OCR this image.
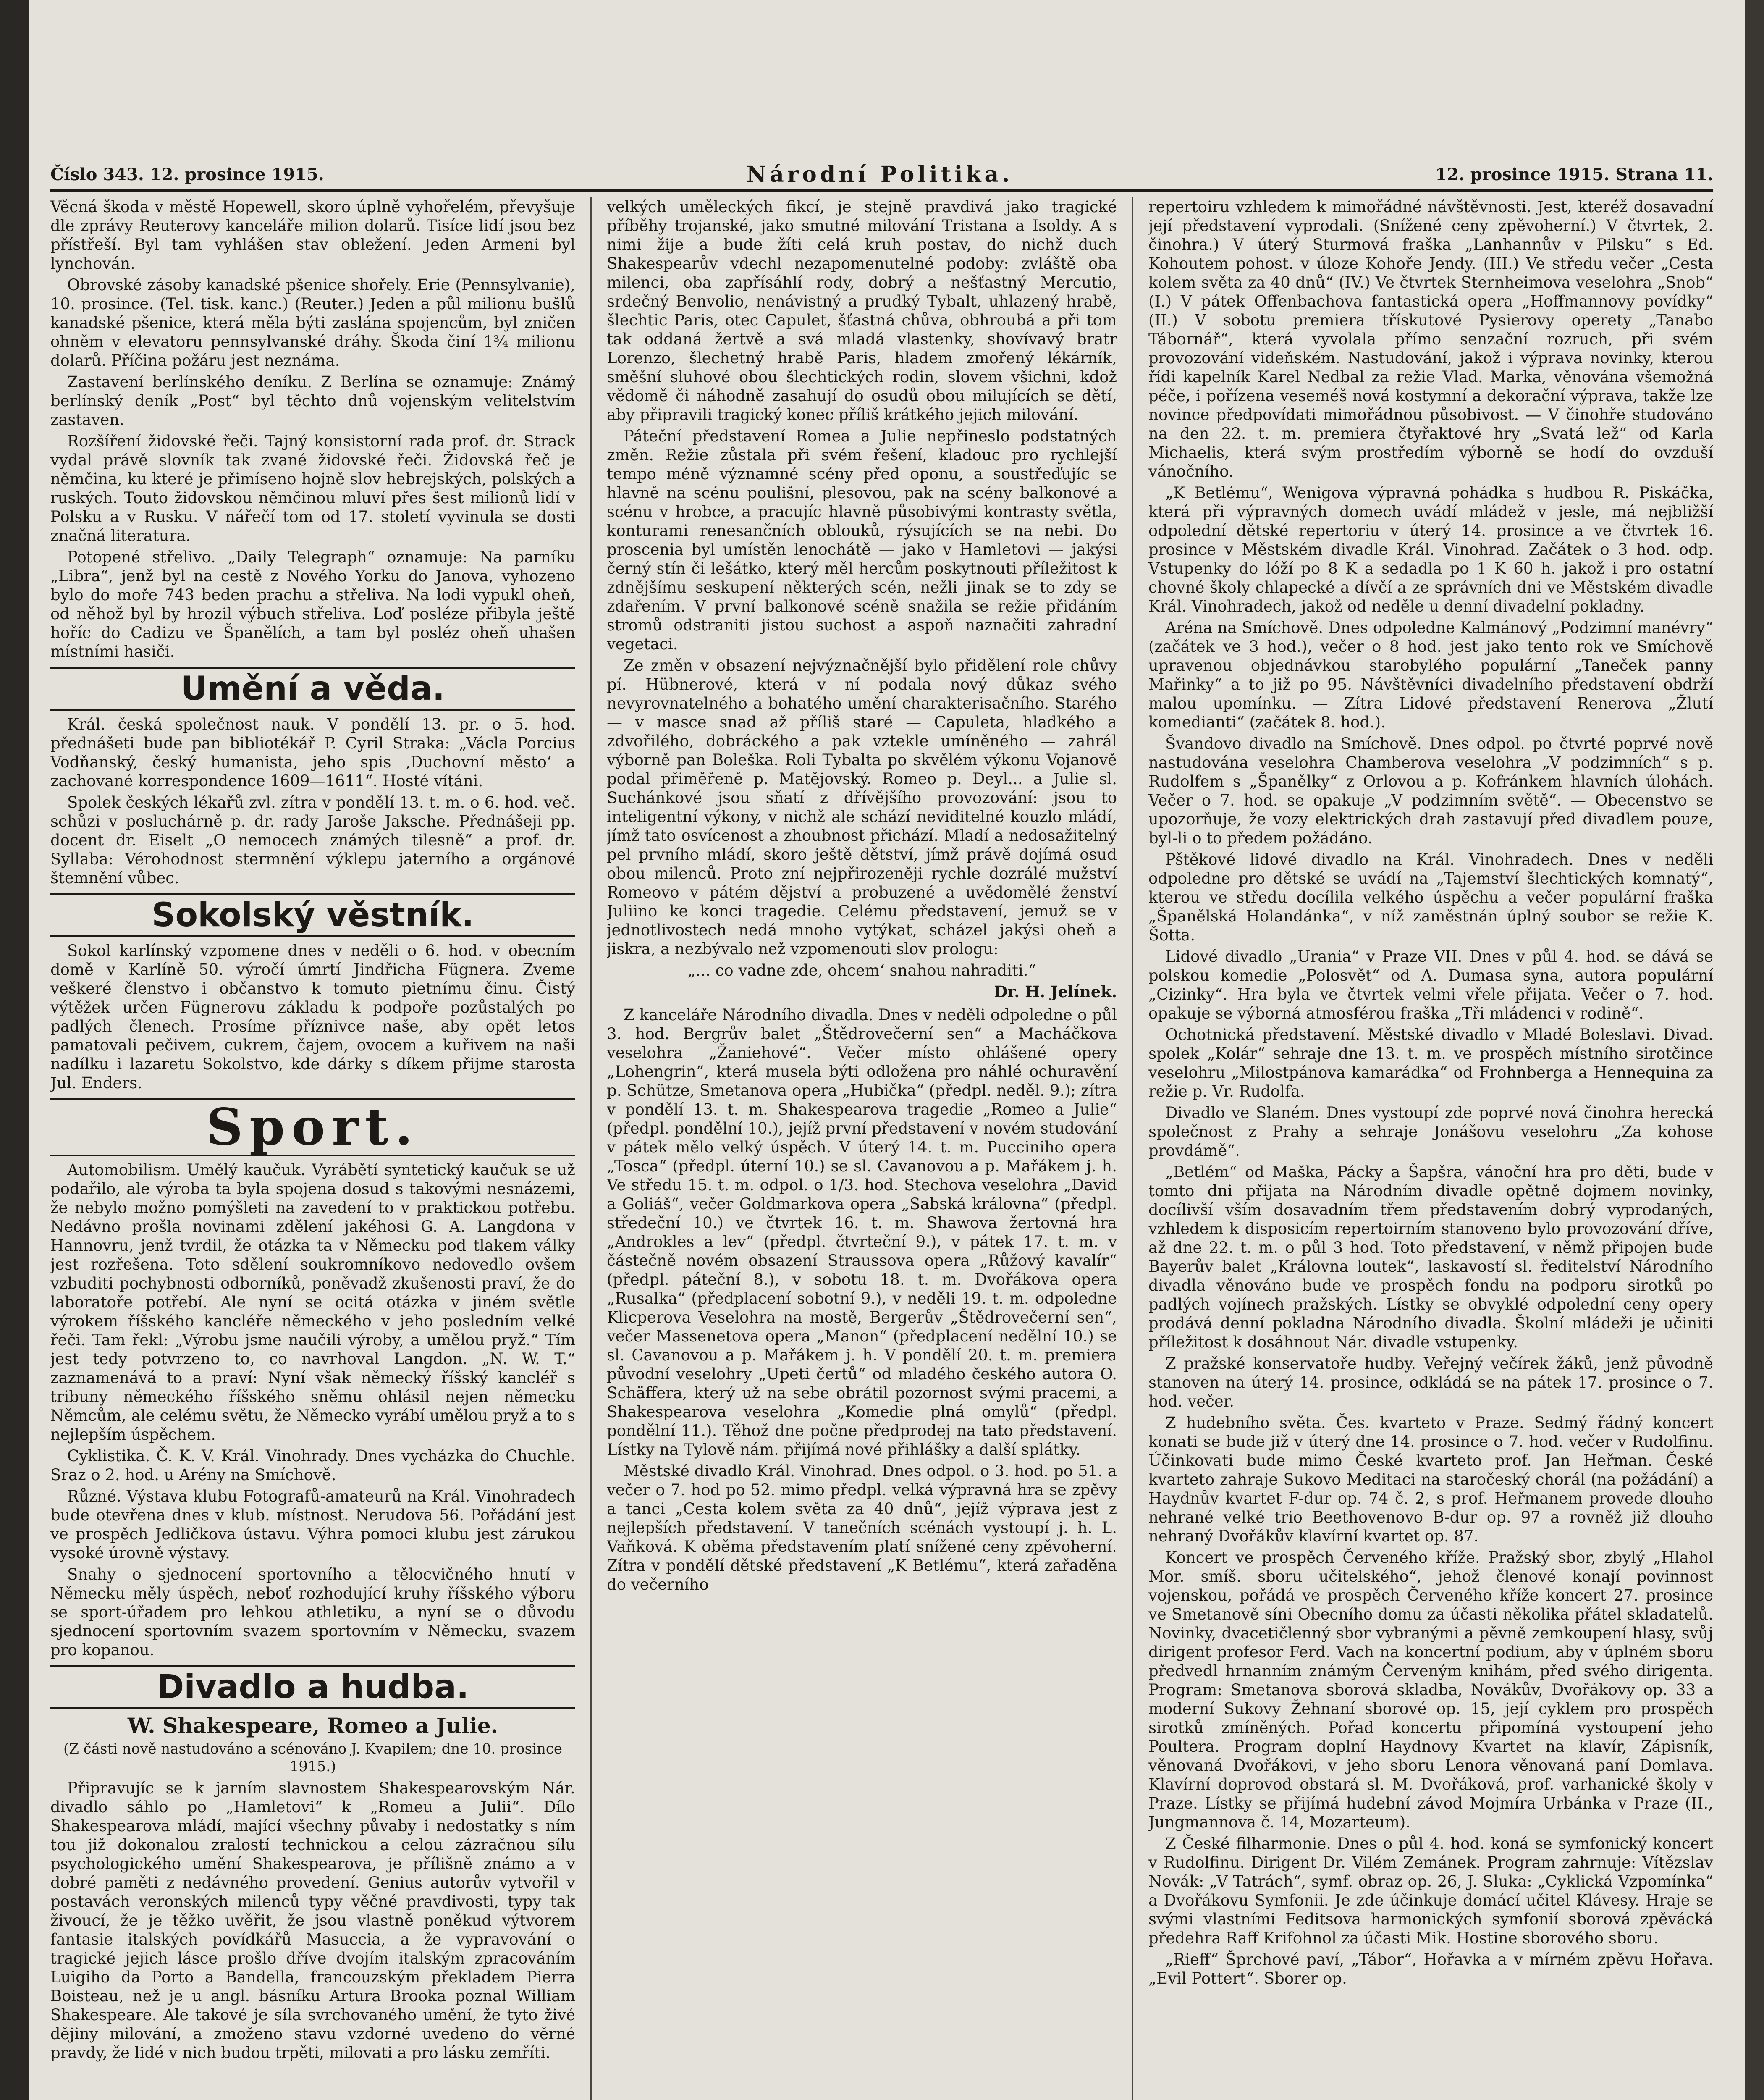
Číslo 343. 12. prosince 1915.	Národní Politika.	12. prosince 1915. Strana 11.

Věcná škoda v městě Hopewell, skoro úplně vyhořelém, převyšuje dle zprávy Reuterovy kanceláře milion dolarů. Tisíce lidí jsou bez přístřeší. Byl tam vyhlášen stav obležení. Jeden Armeni byl lynchován.

Obrovské zásoby kanadské pšenice shořely. Erie (Pennsylvanie), 10. prosince. (Tel. tisk. kanc.) (Reuter.) Jeden a půl milionu bušlů kanadské pšenice, která měla býti zaslána spojencům, byl zničen ohněm v elevatoru pennsylvanské dráhy. Škoda činí 1¾ milionu dolarů. Příčina požáru jest neznáma.

Zastavení berlínského deníku. Z Berlína se oznamuje: Známý berlínský deník „Post“ byl těchto dnů vojenským velitelstvím zastaven.

Rozšíření židovské řeči. Tajný konsistorní rada prof. dr. Strack vydal právě slovník tak zvané židovské řeči. Židovská řeč je němčina, ku které je přimíseno hojně slov hebrejských, polských a ruských. Touto židovskou němčinou mluví přes šest milionů lidí v Polsku a v Rusku. V nářečí tom od 17. století vyvinula se dosti značná literatura.

Potopené střelivo. „Daily Telegraph“ oznamuje: Na parníku „Libra“, jenž byl na cestě z Nového Yorku do Janova, vyhozeno bylo do moře 743 beden prachu a střeliva. Na lodi vypukl oheň, od něhož byl by hrozil výbuch střeliva. Loď posléze přibyla ještě hoříc do Cadizu ve Španělích, a tam byl posléz oheň uhašen místními hasiči.

Umění a věda.

Král. česká společnost nauk. V pondělí 13. pr. o 5. hod. přednášeti bude pan bibliotékář P. Cyril Straka: „Václa Porcius Vodňanský, český humanista, jeho spis ‚Duchovní město‘ a zachované korrespondence 1609—1611“. Hosté vítáni.

Spolek českých lékařů zvl. zítra v pondělí 13. t. m. o 6. hod. več. schůzi v posluchárně p. dr. rady Jaroše Jaksche. Přednášeji pp. docent dr. Eiselt „O nemocech známých tilesně“ a prof. dr. Syllaba: Vérohodnost stermnění výklepu jaterního a orgánové štemnění vůbec.

Sokolský věstník.

Sokol karlínský vzpomene dnes v neděli o 6. hod. v obecním domě v Karlíně 50. výročí úmrtí Jindřicha Fügnera. Zveme veškeré členstvo i občanstvo k tomuto pietnímu činu. Čistý výtěžek určen Fügnerovu základu k podpoře pozůstalých po padlých členech. Prosíme příznivce naše, aby opět letos pamatovali pečivem, cukrem, čajem, ovocem a kuřivem na naši nadílku i lazaretu Sokolstvo, kde dárky s díkem přijme starosta Jul. Enders.

Sport.

Automobilism. Umělý kaučuk. Vyrábětí syntetický kaučuk se už podařilo, ale výroba ta byla spojena dosud s takovými nesnázemi, že nebylo možno pomýšleti na zavedení to v praktickou potřebu. Nedávno prošla novinami zdělení jakéhosi G. A. Langdona v Hannovru, jenž tvrdil, že otázka ta v Německu pod tlakem války jest rozřešena. Toto sdělení soukromníkovo nedovedlo ovšem vzbuditi pochybnosti odborníků, poněvadž zkušenosti praví, že do laboratoře potřebí. Ale nyní se ocitá otázka v jiném světle výrokem říšského kancléře německého v jeho posledním velké řeči. Tam řekl: „Výrobu jsme naučili výroby, a umělou pryž.“ Tím jest tedy potvrzeno to, co navrhoval Langdon. „N. W. T.“ zaznamenává to a praví: Nyní však německý říšský kancléř s tribuny německého říšského sněmu ohlásil nejen německu Němcům, ale celému světu, že Německo vyrábí umělou pryž a to s nejlepším úspěchem.

Cyklistika. Č. K. V. Král. Vinohrady. Dnes vycházka do Chuchle. Sraz o 2. hod. u Arény na Smíchově.

Různé. Výstava klubu Fotografů-amateurů na Král. Vinohradech bude otevřena dnes v klub. místnost. Nerudova 56. Pořádání jest ve prospěch Jedličkova ústavu. Výhra pomoci klubu jest zárukou vysoké úrovně výstavy.

Snahy o sjednocení sportovního a tělocvičného hnutí v Německu měly úspěch, neboť rozhodující kruhy říšského výboru se sport-úřadem pro lehkou athletiku, a nyní se o důvodu sjednocení sportovním svazem sportovním v Německu, svazem pro kopanou.

Divadlo a hudba.
W. Shakespeare, Romeo a Julie.
(Z části nově nastudováno a scénováno J. Kvapilem; dne 10. prosince 1915.)

Připravujíc se k jarním slavnostem Shakespearovským Nár. divadlo sáhlo po „Hamletovi“ k „Romeu a Julii“. Dílo Shakespearova mládí, mající všechny půvaby i nedostatky s ním tou již dokonalou zralostí technickou a celou zázračnou sílu psychologického umění Shakespearova, je přílišně známo a v dobré paměti z nedávného provedení. Genius autorův vytvořil v postavách veronských milenců typy věčné pravdivosti, typy tak živoucí, že je těžko uvěřit, že jsou vlastně poněkud výtvorem fantasie italských povídkářů Masuccia, a že vypravování o tragické jejich lásce prošlo dříve dvojím italským zpracováním Luigiho da Porto a Bandella, francouzským překladem Pierra Boisteau, než je u angl. básníku Artura Brooka poznal William Shakespeare. Ale takové je síla svrchovaného umění, že tyto živé dějiny milování, a zmoženo stavu vzdorné uvedeno do věrné pravdy, že lidé v nich budou trpěti, milovati a pro lásku zemříti.

velkých uměleckých fikcí, je stejně pravdivá jako tragické příběhy trojanské, jako smutné milování Tristana a Isoldy. A s nimi žije a bude žíti celá kruh postav, do nichž duch Shakespearův vdechl nezapomenutelné podoby: zvláště oba milenci, oba zapřísáhlí rody, dobrý a nešťastný Mercutio, srdečný Benvolio, nenávistný a prudký Tybalt, uhlazený hrabě, šlechtic Paris, otec Capulet, šťastná chůva, obhroubá a při tom tak oddaná žertvě a svá mladá vlastenky, shovívavý bratr Lorenzo, šlechetný hrabě Paris, hladem zmořený lékárník, směšní sluhové obou šlechtických rodin, slovem všichni, kdož vědomě či náhodně zasahují do osudů obou milujících se dětí, aby připravili tragický konec příliš krátkého jejich milování.

Páteční představení Romea a Julie nepřineslo podstatných změn. Režie zůstala při svém řešení, kladouc pro rychlejší tempo méně významné scény před oponu, a soustřeďujíc se hlavně na scénu poulišní, plesovou, pak na scény balkonové a scénu v hrobce, a pracujíc hlavně působivými kontrasty světla, konturami renesančních oblouků, rýsujících se na nebi. Do proscenia byl umístěn lenochátě — jako v Hamletovi — jakýsi černý stín či lešátko, který měl hercům poskytnouti příležitost k zdnějšímu seskupení některých scén, nežli jinak se to zdy se zdařením. V první balkonové scéně snažila se režie přidáním stromů odstraniti jistou suchost a aspoň naznačiti zahradní vegetaci.

Ze změn v obsazení nejvýznačnější bylo přidělení role chůvy pí. Hübnerové, která v ní podala nový důkaz svého nevyrovnatelného a bohatého umění charakterisačního. Starého — v masce snad až příliš staré — Capuleta, hladkého a zdvořilého, dobráckého a pak vztekle umíněného — zahrál výborně pan Bolеška. Roli Tybalta po skvělém výkonu Vojanově podal přiměřeně p. Matějovský. Romeo p. Deyl... a Julie sl. Suchánkové jsou sňatí z dřívějšího provozování: jsou to inteligentní výkony, v nichž ale schází neviditelné kouzlo mládí, jímž tato osvícenost a zhoubnost přichází. Mladí a nedosažitelný pel prvního mládí, skoro ještě dětství, jímž právě dojímá osud obou milenců. Proto zní nejpřirozeněji rychle dozrálé mužství Romeovo v pátém dějství a probuzené a uvědomělé ženství Juliino ke konci tragedie. Celému představení, jemuž se v jednotlivostech nedá mnoho vytýkat, scházel jakýsi oheň a jiskra, a nezbývalo než vzpomenouti slov prologu:

„... co vadne zde, ohcem‘ snahou nahraditi.“

Dr. H. Jelínek.

Z kanceláře Národního divadla. Dnes v neděli odpoledne o půl 3. hod. Bergrův balet „Štědrovečerní sen“ a Macháčkova veselohra „Žaniehové“. Večer místo ohlášené opery „Lohengrin“, která musela býti odložena pro náhlé ochuravění p. Schütze, Smetanova opera „Hubička“ (předpl. neděl. 9.); zítra v pondělí 13. t. m. Shakespearova tragedie „Romeo a Julie“ (předpl. pondělní 10.), jejíž první představení v novém studování v pátek mělo velký úspěch. V úterý 14. t. m. Pucciniho opera „Tosca“ (předpl. úterní 10.) se sl. Cavanovou a p. Mařákem j. h. Ve středu 15. t. m. odpol. o 1/3. hod. Stechova veselohra „David a Goliáš“, večer Goldmarkova opera „Sabská královna“ (předpl. středeční 10.) ve čtvrtek 16. t. m. Shawova žertovná hra „Androkles a lev“ (předpl. čtvrteční 9.), v pátek 17. t. m. v částečně novém obsazení Straussova opera „Růžový kavalír“ (předpl. páteční 8.), v sobotu 18. t. m. Dvořákova opera „Rusalka“ (předplacení sobotní 9.), v neděli 19. t. m. odpoledne Klicperova Veselohra na mostě, Bergerův „Štědrovečerní sen“, večer Massenetova opera „Manon“ (předplacení nedělní 10.) se sl. Cavanovou a p. Mařákem j. h. V pondělí 20. t. m. premiera původní veselohry „Upeti čertů“ od mladého českého autora O. Schäffera, který už na sebe obrátil pozornost svými pracemi, a Shakespearova veselohra „Komedie plná omylů“ (předpl. pondělní 11.). Těhož dne počne předprodej na tato představení. Lístky na Tylově nám. přijímá nové přihlášky a další splátky.

Městské divadlo Král. Vinohrad. Dnes odpol. o 3. hod. po 51. a večer o 7. hod po 52. mimo předpl. velká výpravná hra se zpěvy a tanci „Cesta kolem světa za 40 dnů“, jejíž výprava jest z nejlepších představení. V tanečních scénách vystoupí j. h. L. Vaňková. K oběma představením platí snížené ceny zpěvoherní. Zítra v pondělí dětské představení „K Betlému“, která zařaděna do večerního

repertoiru vzhledem k mimořádné návštěvnosti. Jest, kteréž dosavadní její představení vyprodali. (Snížené ceny zpěvoherní.) V čtvrtek, 2. činohra.) V úterý Sturmová fraška „Lanhannův v Pilsku“ s Ed. Kohoutem pohost. v úloze Kohoře Jendy. (III.) Ve středu večer „Cesta kolem světa za 40 dnů“ (IV.) Ve čtvrtek Sternheimova veselohra „Snob“ (I.) V pátek Offenbachova fantastická opera „Hoffmannovy povídky“ (II.) V sobotu premiera třískutové Pysierovy operety „Tanabo Tábornář“, která vyvolala přímo senzační rozruch, při svém provozování videňském. Nastudování, jakož i výprava novinky, kterou řídi kapelník Karel Nedbal za režie Vlad. Marka, věnována všemožná péče, i pořízena veseméš nová kostymní a dekorační výprava, takže lze novince předpovídati mimořádnou působivost. — V činohře studováno na den 22. t. m. premiera čtyřaktové hry „Svatá lež“ od Karla Michaelis, která svým prostředím výborně se hodí do ovzduší vánočního.

„K Betlému“, Wenigova výpravná pohádka s hudbou R. Piskáčka, která při výpravných domech uvádí mládež v jesle, má nejbližší odpolední dětské repertoriu v úterý 14. prosince a ve čtvrtek 16. prosince v Městském divadle Král. Vinohrad. Začátek o 3 hod. odp. Vstupenky do lóží po 8 K a sedadla po 1 K 60 h. jakož i pro ostatní chovné školy chlapecké a dívčí a ze správních dni ve Městském divadle Král. Vinohradech, jakož od neděle u denní divadelní pokladny.

Aréna na Smíchově. Dnes odpoledne Kalmánový „Podzimní manévry“ (začátek ve 3 hod.), večer o 8 hod. jest jako tento rok ve Smíchově upravenou objednávkou starobylého populární „Taneček panny Mařinky“ a to již po 95. Návštěvníci divadelního představení obdrží malou upomínku. — Zítra Lidové představení Renerova „Žlutí komedianti“ (začátek 8. hod.).

Švandovo divadlo na Smíchově. Dnes odpol. po čtvrté poprvé nově nastudována veselohra Chamberova veselohra „V podzimních“ s p. Rudolfem s „Španělky“ z Orlovou a p. Kofránkem hlavních úlohách. Večer o 7. hod. se opakuje „V podzimním světě“. — Obecenstvo se upozorňuje, že vozy elektrických drah zastavují před divadlem pouze, byl-li o to předem požádáno.

Pštěkové lidové divadlo na Král. Vinohradech. Dnes v neděli odpoledne pro dětské se uvádí na „Tajemství šlechtických komnatý“, kterou ve středu docílila velkého úspěchu a večer populární fraška „Španělská Holandánka“, v níž zaměstnán úplný soubor se režie K. Šotta.

Lidové divadlo „Urania“ v Praze VII. Dnes v půl 4. hod. se dává se polskou komedie „Polosvět“ od A. Dumasa syna, autora populární „Cizinky“. Hra byla ve čtvrtek velmi vřele přijata. Večer o 7. hod. opakuje se výborná atmosférou fraška „Tři mládenci v rodině“.

Ochotnická představení. Městské divadlo v Mladé Boleslavi. Divad. spolek „Kolár“ sehraje dne 13. t. m. ve prospěch místního sirotčince veselohru „Milostpánova kamarádka“ od Frohnberga a Hennequina za režie p. Vr. Rudolfa.

Divadlo ve Slaném. Dnes vystoupí zde poprvé nová činohra herecká společnost z Prahy a sehraje Jonášovu veselohru „Za kohose provdámě“.

„Betlém“ od Maška, Pácky a Šapšra, vánoční hra pro děti, bude v tomto dni přijata na Národním divadle opětně dojmem novinky, docílivší vším dosavadním třem představením dobrý vyprodaných, vzhledem k disposicím repertoirním stanoveno bylo provozování dříve, až dne 22. t. m. o půl 3 hod. Toto představení, v němž připojen bude Bayerův balet „Královna loutek“, laskavostí sl. ředitelství Národního divadla věnováno bude ve prospěch fondu na podporu sirotků po padlých vojínech pražských. Lístky se obvyklé odpolední ceny opery prodává denní pokladna Národního divadla. Školní mládeži je učiniti příležitost k dosáhnout Nár. divadle vstupenky.

Z pražské konservatoře hudby. Veřejný večírek žáků, jenž původně stanoven na úterý 14. prosince, odkládá se na pátek 17. prosince o 7. hod. večer.

Z hudebního světa. Čes. kvarteto v Praze. Sedmý řádný koncert konati se bude již v úterý dne 14. prosince o 7. hod. večer v Rudolfinu. Účinkovati bude mimo České kvarteto prof. Jan Heřman. České kvarteto zahraje Sukovo Meditaci na staročeský chorál (na požádání) a Haydnův kvartet F-dur op. 74 č. 2, s prof. Heřmanem provede dlouho nehrané velké trio Beethovenovo B-dur op. 97 a rovněž již dlouho nehraný Dvořákův klavírní kvartet op. 87.

Koncert ve prospěch Červeného kříže. Pražský sbor, zbylý „Hlahol Mor. smíš. sboru učitelského“, jehož členové konají povinnost vojenskou, pořádá ve prospěch Červeného kříže koncert 27. prosince ve Smetanově síni Obecního domu za účasti několika přátel skladatelů. Novinky, dvacetičlenný sbor vybranými a pěvně zemkoupení hlasy, svůj dirigent profesor Ferd. Vach na koncertní podium, aby v úplném sboru předvedl hrnanním známým Červeným knihám, před svého dirigenta. Program: Smetanova sborová skladba, Novákův, Dvořákovy op. 33 a moderní Sukovy Žehnaní sborové op. 15, její cyklem pro prospěch sirotků zmíněných. Pořad koncertu připomíná vystoupení jeho Poultera. Program doplní Haydnovy Kvartet na klavír, Zápisník, věnovaná Dvořákovi, v jeho sboru Lenora věnovaná paní Domlava. Klavírní doprovod obstará sl. M. Dvořáková, prof. varhanické školy v Praze. Lístky se přijímá hudební závod Mojmíra Urbánka v Praze (II., Jungmannova č. 14, Mozarteum).

Z České filharmonie. Dnes o půl 4. hod. koná se symfonický koncert v Rudolfinu. Dirigent Dr. Vilém Zemánek. Program zahrnuje: Vítězslav Novák: „V Tatrách“, symf. obraz op. 26, J. Sluka: „Cyklická Vzpomínka“ a Dvořákovu Symfonii. Je zde účinkuje domácí učitel Klávesy. Hraje se svými vlastními Feditsova harmonických symfonií sborová zpěvácká předehra Raff Krifohnol za účasti Mik. Hostine sborového sboru.

„Rieff“ Šprchové paví, „Tábor“, Hořavka a v mírném zpěvu Hořava. „Evil Pottert“. Sborer op.
